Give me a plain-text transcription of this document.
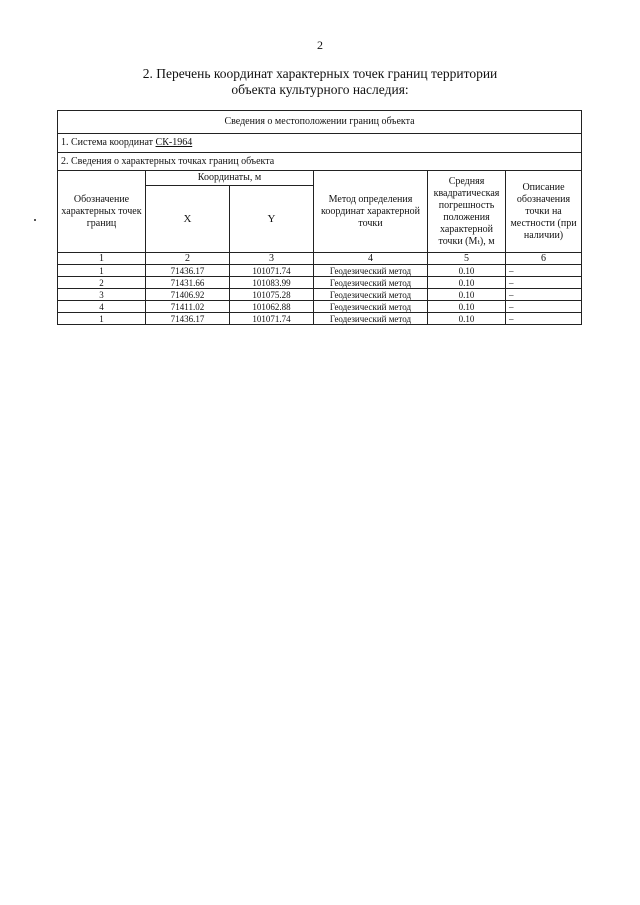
2
2. Перечень координат характерных точек границ территории
объекта культурного наследия:
Сведения о местоположении границ объекта					
1. Система координат СК-1964					
2. Сведения о характерных точках границ объекта					
Обозначение характерных точек границ	Координаты, м		Метод определения координат характерной точки	Средняя квадратическая погрешность положения характерной точки (Mₜ), м	Описание обозначения точки на местности (при наличии)
	X	Y			
1	2	3	4	5	6
1	71436.17	101071.74	Геодезический метод	0.10	–
2	71431.66	101083.99	Геодезический метод	0.10	–
3	71406.92	101075.28	Геодезический метод	0.10	–
4	71411.02	101062.88	Геодезический метод	0.10	–
1	71436.17	101071.74	Геодезический метод	0.10	–
